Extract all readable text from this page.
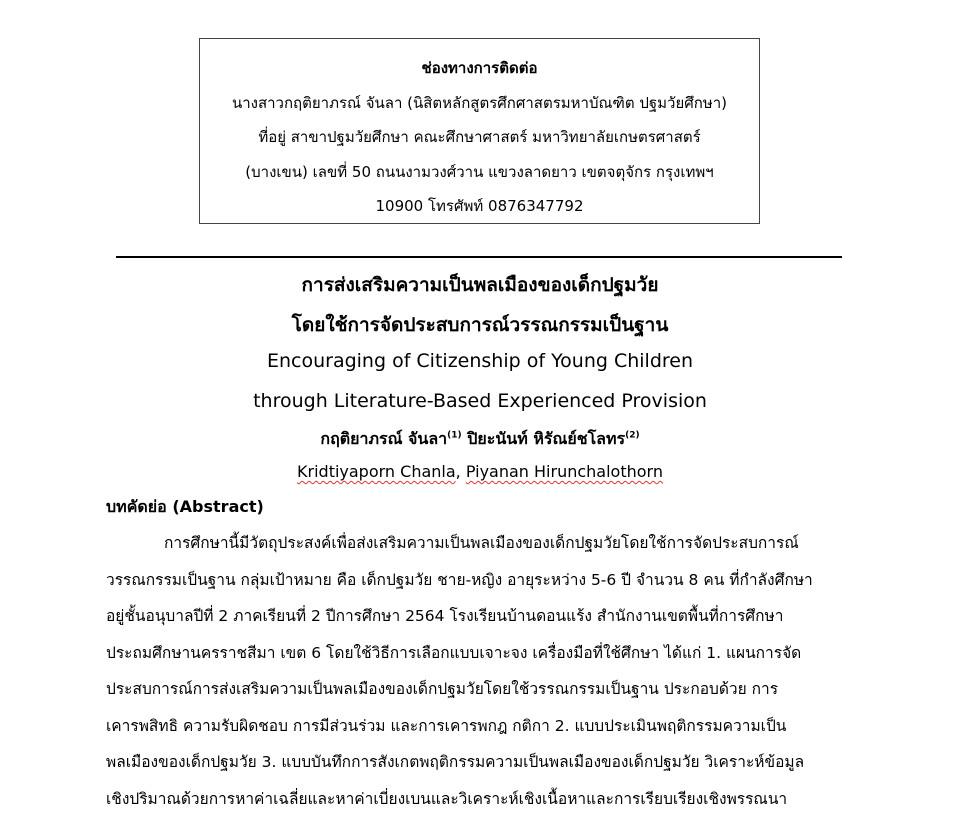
ช่องทางการติดต่อ
นางสาวกฤติยาภรณ์ จันลา (นิสิตหลักสูตรศึกศาสตรมหาบัณฑิต ปฐมวัยศึกษา)
ที่อยู่ สาขาปฐมวัยศึกษา คณะศึกษาศาสตร์ มหาวิทยาลัยเกษตรศาสตร์
(บางเขน) เลขที่ 50 ถนนงามวงศ์วาน แขวงลาดยาว เขตจตุจักร กรุงเทพฯ
10900 โทรศัพท์ 0876347792
การส่งเสริมความเป็นพลเมืองของเด็กปฐมวัย
โดยใช้การจัดประสบการณ์วรรณกรรมเป็นฐาน
Encouraging of Citizenship of Young Children
through Literature-Based Experienced Provision
กฤติยาภรณ์ จันลา$^{(1)}$ ปิยะนันท์ หิรัณย์ชโลทร$^{(2)}$
Kridtiyaporn Chanla, Piyanan Hirunchalothorn
บทคัดย่อ (Abstract)
การศึกษานี้มีวัตถุประสงค์เพื่อส่งเสริมความเป็นพลเมืองของเด็กปฐมวัยโดยใช้การจัดประสบการณ์
วรรณกรรมเป็นฐาน กลุ่มเป้าหมาย คือ เด็กปฐมวัย ชาย-หญิง อายุระหว่าง 5-6 ปี จำนวน 8 คน ที่กำลังศึกษา
อยู่ชั้นอนุบาลปีที่ 2 ภาคเรียนที่ 2 ปีการศึกษา 2564 โรงเรียนบ้านดอนแร้ง สำนักงานเขตพื้นที่การศึกษา
ประถมศึกษานครราชสีมา เขต 6 โดยใช้วิธีการเลือกแบบเจาะจง เครื่องมือที่ใช้ศึกษา ได้แก่ 1. แผนการจัด
ประสบการณ์การส่งเสริมความเป็นพลเมืองของเด็กปฐมวัยโดยใช้วรรณกรรมเป็นฐาน ประกอบด้วย การ
เคารพสิทธิ ความรับผิดชอบ การมีส่วนร่วม และการเคารพกฎ กติกา 2. แบบประเมินพฤติกรรมความเป็น
พลเมืองของเด็กปฐมวัย 3. แบบบันทึกการสังเกตพฤติกรรมความเป็นพลเมืองของเด็กปฐมวัย วิเคราะห์ข้อมูล
เชิงปริมาณด้วยการหาค่าเฉลี่ยและหาค่าเบี่ยงเบนและวิเคราะห์เชิงเนื้อหาและการเรียบเรียงเชิงพรรณนา
